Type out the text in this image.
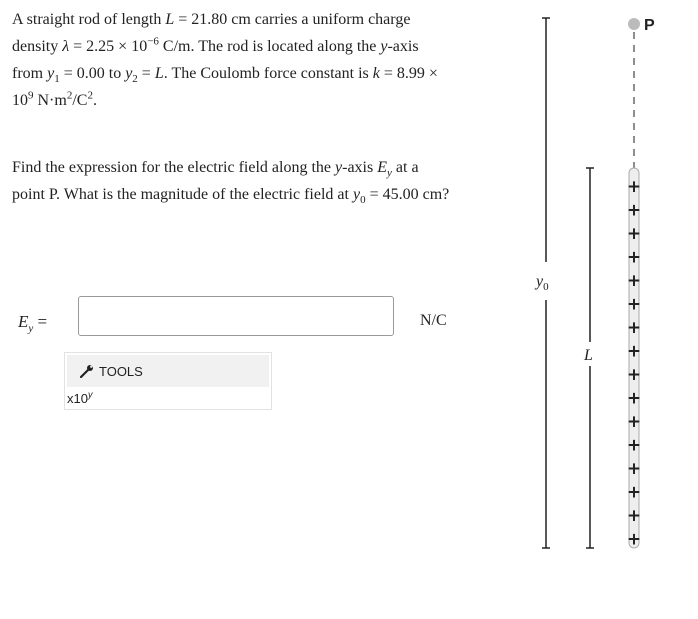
A straight rod of length L = 21.80 cm carries a uniform charge density $\lambda = 2.25 \times 10^{-6}$ C/m. The rod is located along the y-axis from $y_1 = 0.00$ to $y_2 = L$. The Coulomb force constant is $k = 8.99 \times 10^9$ $N\cdot m^2/C^2$.

Find the expression for the electric field along the y-axis $E_y$ at a point P. What is the magnitude of the electric field at $y_0 = 45.00$ cm?

$E_y$ =	N/C
TOOLS
x10$^y$
$y_0$
L
P
+
+
+
+
+
+
+
+
+
+
+
+
+
+
+
+
